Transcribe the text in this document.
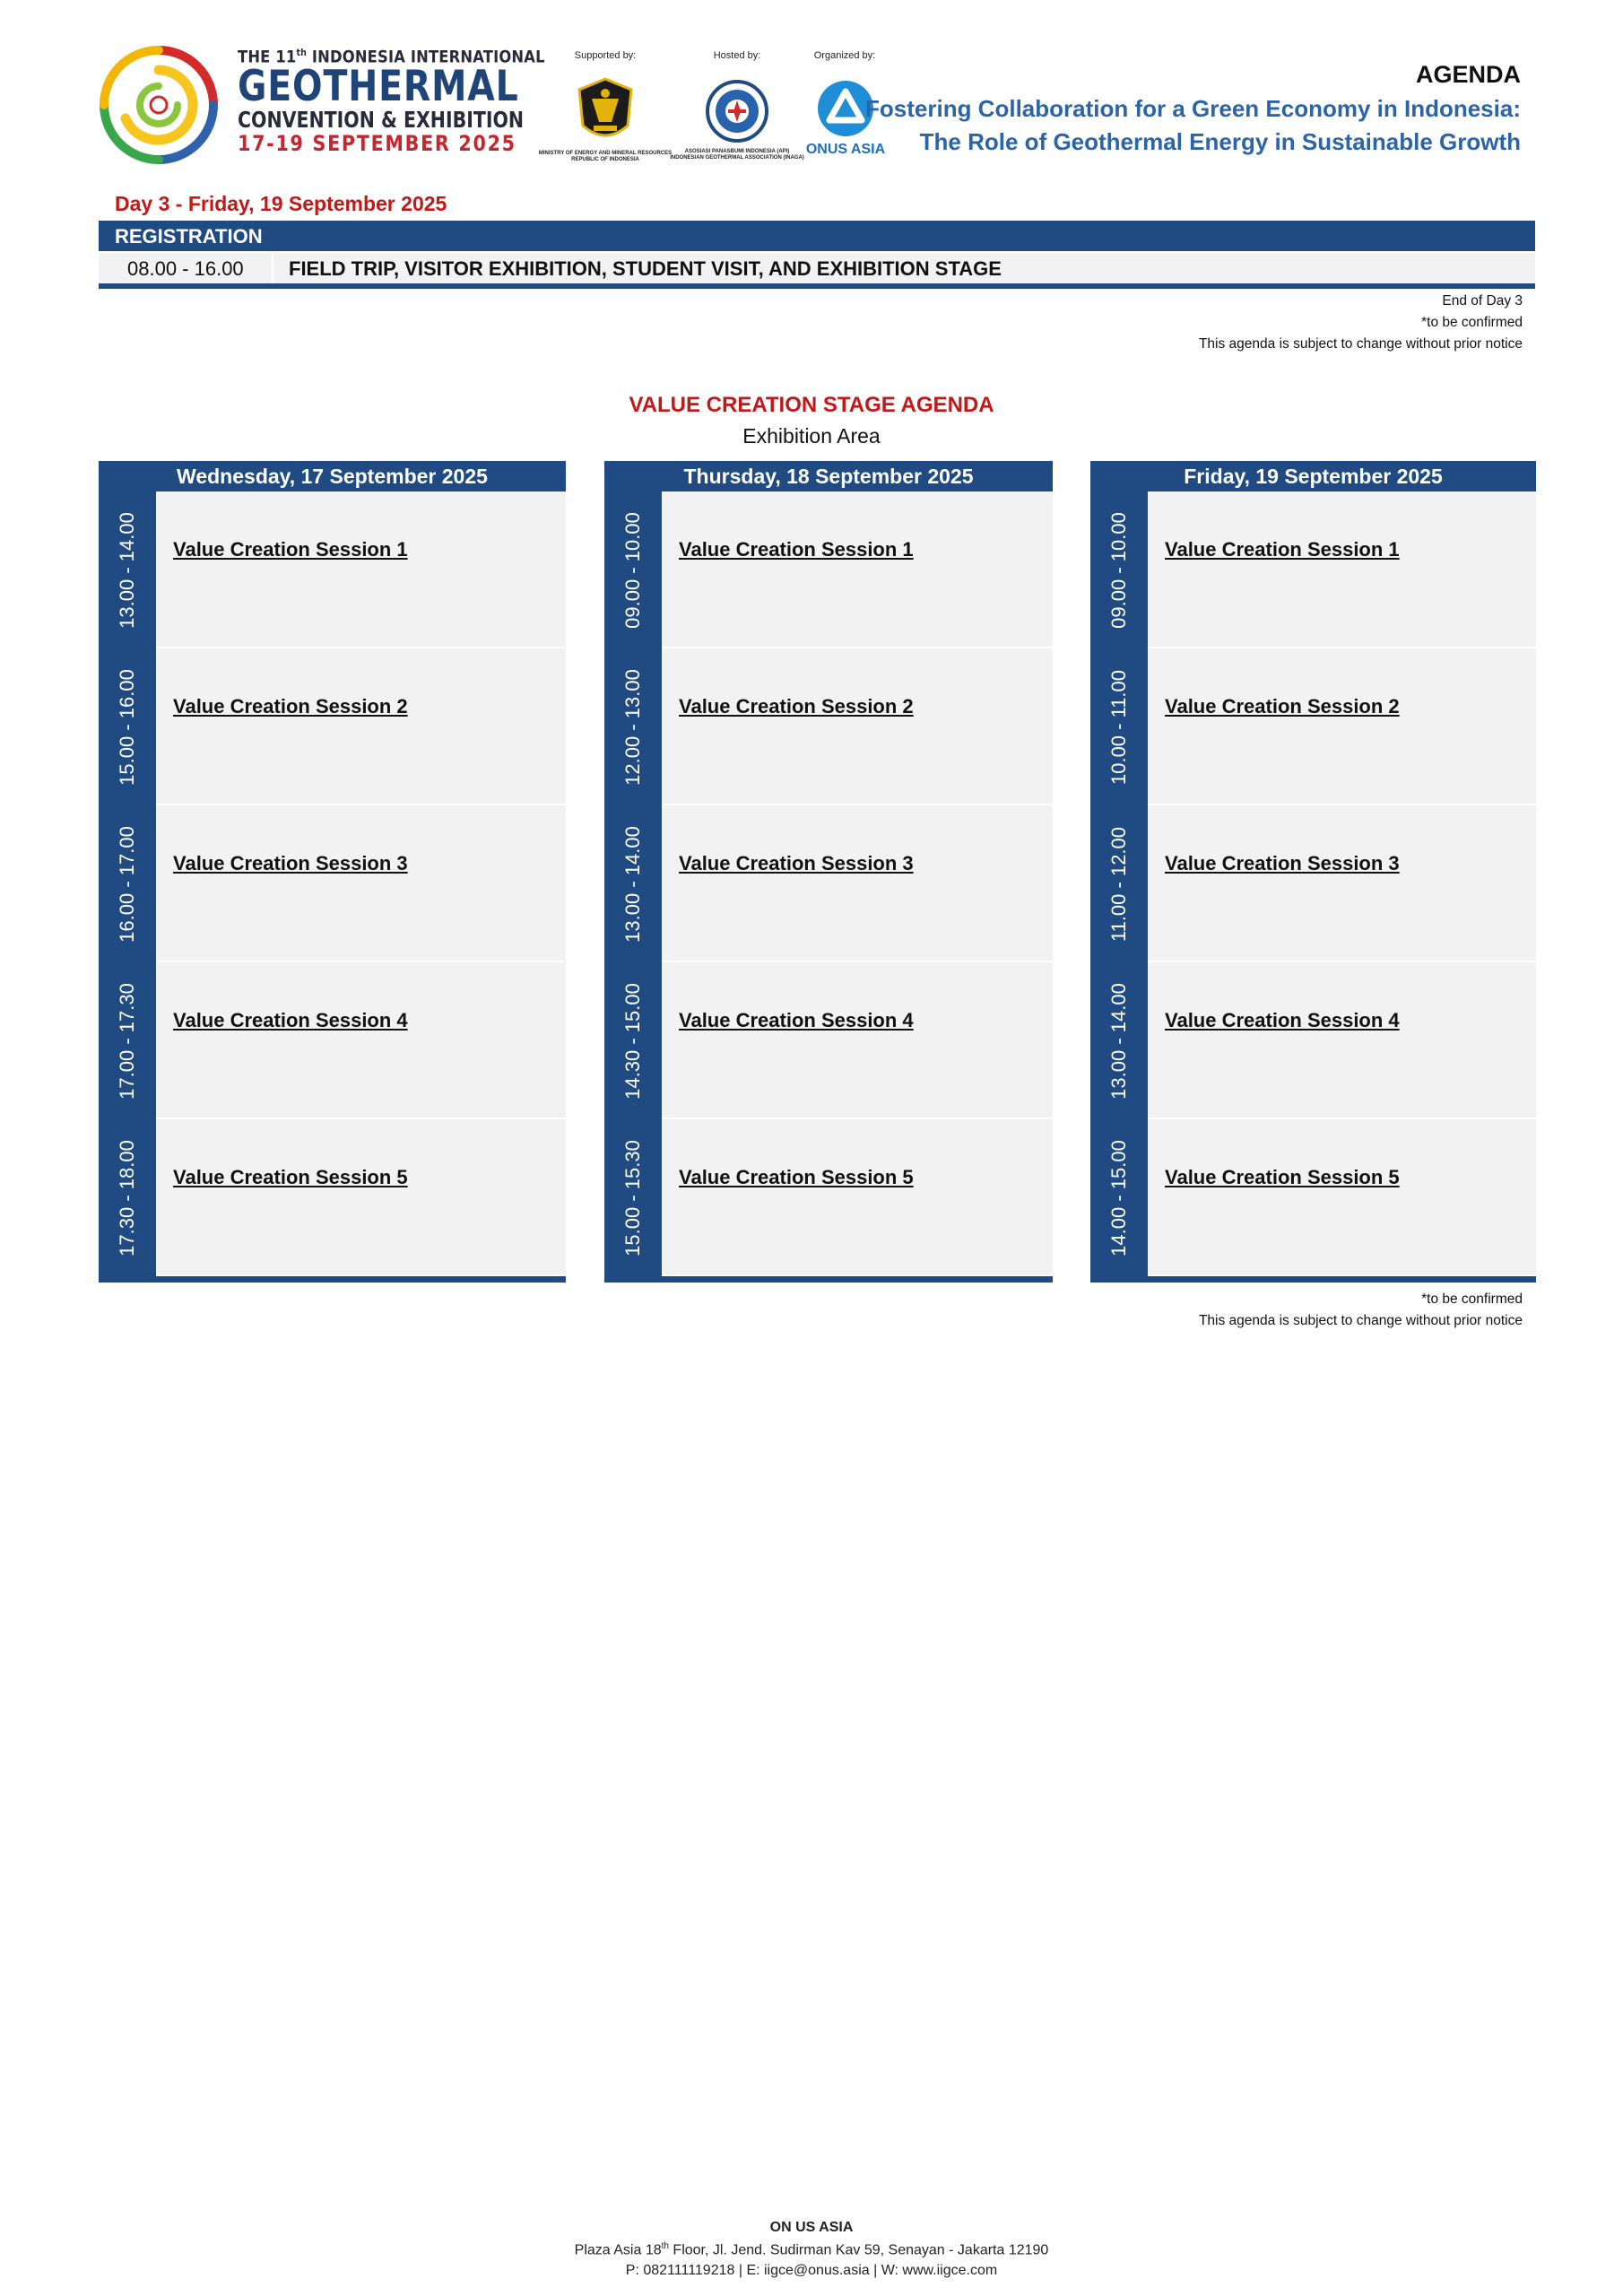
THE 11th INDONESIA INTERNATIONAL
GEOTHERMAL
CONVENTION & EXHIBITION
17-19 SEPTEMBER 2025
Supported by:
MINISTRY OF ENERGY AND MINERAL RESOURCES
REPUBLIC OF INDONESIA
Hosted by:
ASOSIASI PANASBUMI INDONESIA (API)
INDONESIAN GEOTHERMAL ASSOCIATION (INAGA)
Organized by:
ONUS ASIA
AGENDA
Fostering Collaboration for a Green Economy in Indonesia:
The Role of Geothermal Energy in Sustainable Growth
Day 3 - Friday, 19 September 2025
REGISTRATION
08.00 - 16.00 FIELD TRIP, VISITOR EXHIBITION, STUDENT VISIT, AND EXHIBITION STAGE
End of Day 3
*to be confirmed
This agenda is subject to change without prior notice
VALUE CREATION STAGE AGENDA
Exhibition Area
Wednesday, 17 September 2025
13.00 - 14.00 Value Creation Session 1
15.00 - 16.00 Value Creation Session 2
16.00 - 17.00 Value Creation Session 3
17.00 - 17.30 Value Creation Session 4
17.30 - 18.00 Value Creation Session 5
Thursday, 18 September 2025
09.00 - 10.00 Value Creation Session 1
12.00 - 13.00 Value Creation Session 2
13.00 - 14.00 Value Creation Session 3
14.30 - 15.00 Value Creation Session 4
15.00 - 15.30 Value Creation Session 5
Friday, 19 September 2025
09.00 - 10.00 Value Creation Session 1
10.00 - 11.00 Value Creation Session 2
11.00 - 12.00 Value Creation Session 3
13.00 - 14.00 Value Creation Session 4
14.00 - 15.00 Value Creation Session 5
*to be confirmed
This agenda is subject to change without prior notice
ON US ASIA
Plaza Asia 18th Floor, Jl. Jend. Sudirman Kav 59, Senayan - Jakarta 12190
P: 082111119218 | E: iigce@onus.asia | W: www.iigce.com
